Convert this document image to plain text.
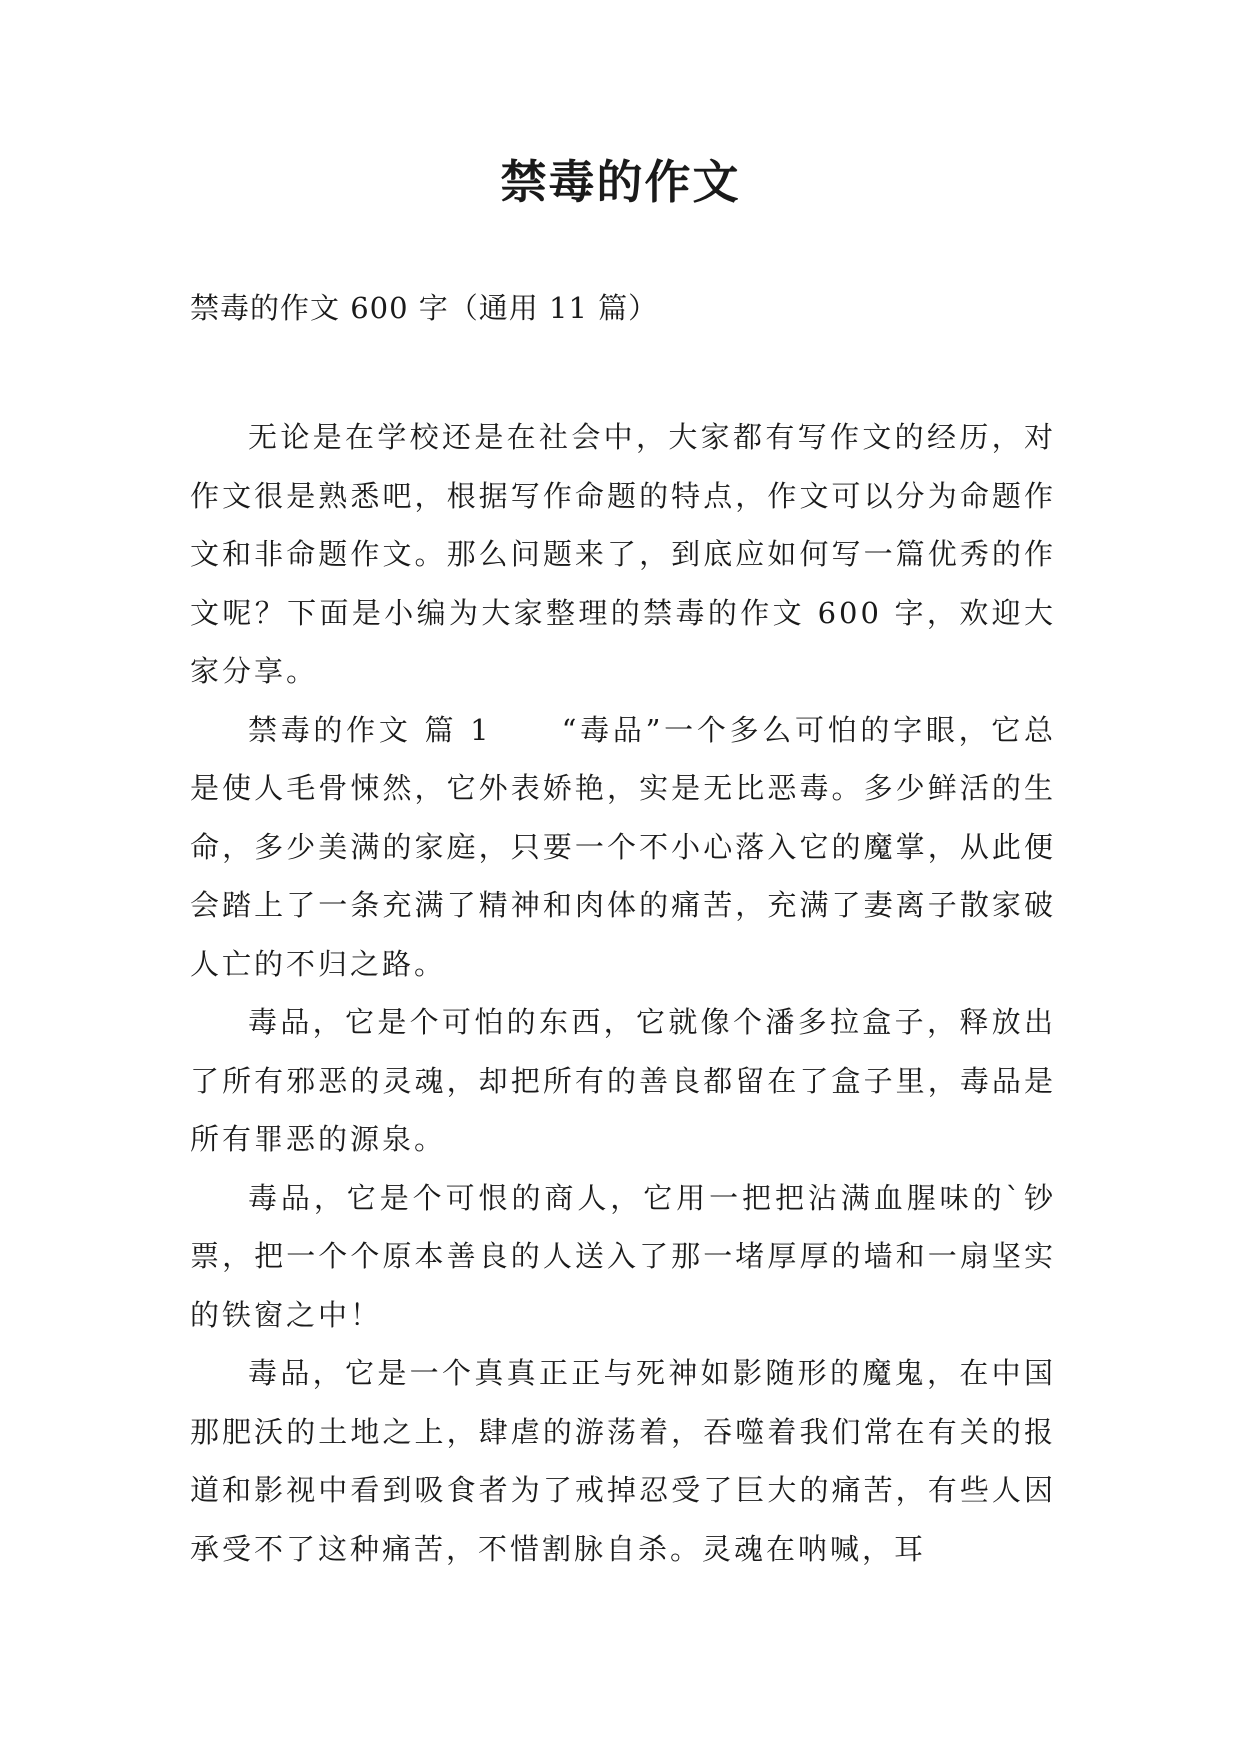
禁毒的作文

禁毒的作文 600 字（通用 11 篇）

无论是在学校还是在社会中，大家都有写作文的经历，对作文很是熟悉吧，根据写作命题的特点，作文可以分为命题作文和非命题作文。那么问题来了，到底应如何写一篇优秀的作文呢？下面是小编为大家整理的禁毒的作文 600 字，欢迎大家分享。

禁毒的作文 篇 1 “毒品”一个多么可怕的字眼，它总是使人毛骨悚然，它外表娇艳，实是无比恶毒。多少鲜活的生命，多少美满的家庭，只要一个不小心落入它的魔掌，从此便会踏上了一条充满了精神和肉体的痛苦，充满了妻离子散家破人亡的不归之路。

毒品，它是个可怕的东西，它就像个潘多拉盒子，释放出了所有邪恶的灵魂，却把所有的善良都留在了盒子里，毒品是所有罪恶的源泉。

毒品，它是个可恨的商人，它用一把把沾满血腥味的`钞票，把一个个原本善良的人送入了那一堵厚厚的墙和一扇坚实的铁窗之中！

毒品，它是一个真真正正与死神如影随形的魔鬼，在中国那肥沃的土地之上，肆虐的游荡着，吞噬着我们常在有关的报道和影视中看到吸食者为了戒掉忍受了巨大的痛苦，有些人因承受不了这种痛苦，不惜割脉自杀。灵魂在呐喊，耳
